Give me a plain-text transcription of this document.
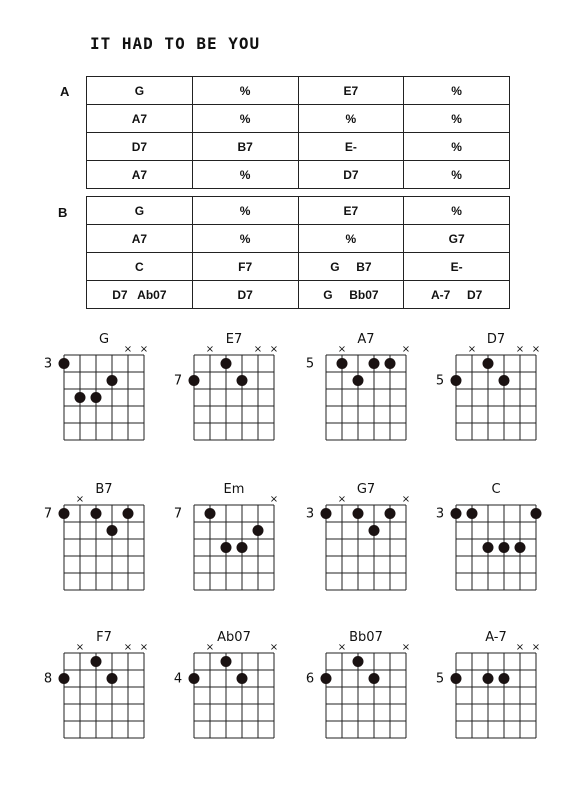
IT HAD TO BE YOU
A	G	%	E7	%
A7	%	%	%
D7	B7	E-	%
A7	%	D7	%
B	G	%	E7	%
A7	%	%	G7
C	F7	G     B7	E-
D7   Ab07	D7	G     Bb07	A-7     D7
G
× ×
3
E7
×	× ×
7
A7
×	×
5
D7
×	× ×
5
B7
×
7
Em
×
7
G7
×	×
3
C
3
F7
×	× ×
8
Ab07
×	×
4
Bb07
×	×
6
A-7
× ×
5
